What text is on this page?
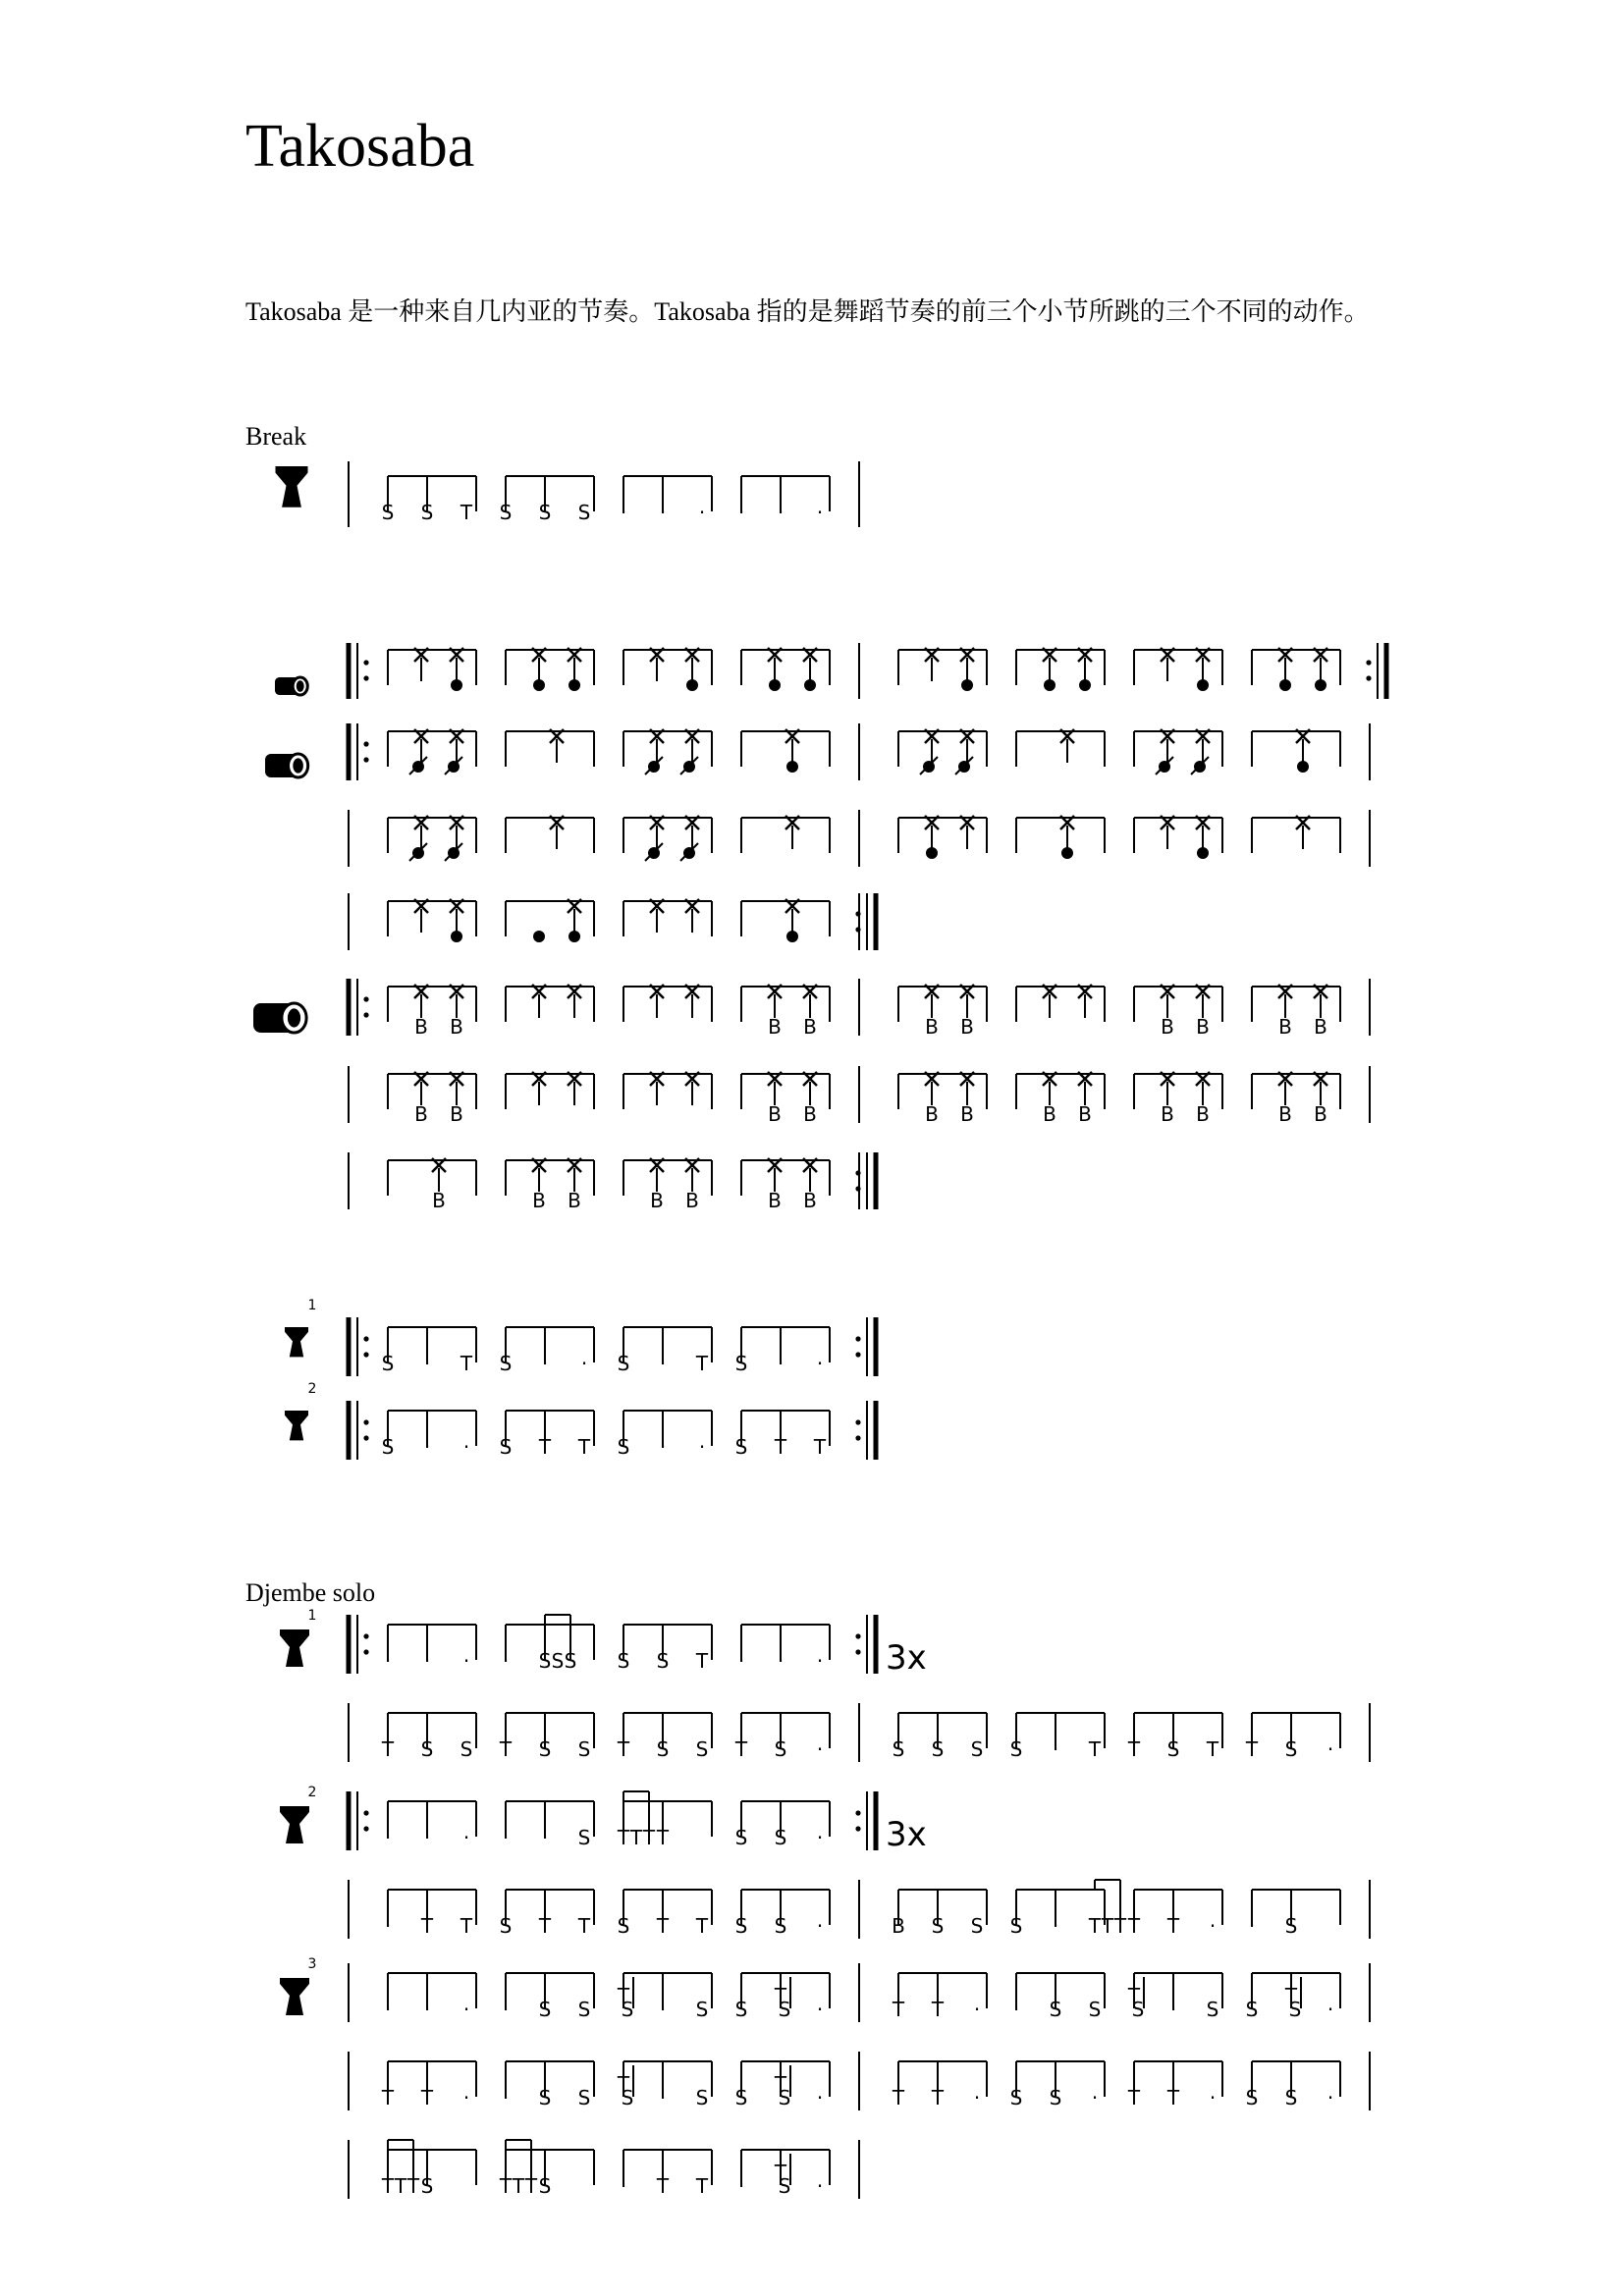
Takosaba
Takosaba 是一种来自几内亚的节奏。Takosaba 指的是舞蹈节奏的前三个小节所跳的三个不同的动作。
Break
Djembe solo
S S T S S S · · · · · ·
B B	B B	B B	B B	B B
B B	B B	B B	B B	B B	B B
B	B B	B B	B B
1
S · T S · · S · T S · ·
2
S · · S T T S · · S T T
1
· · · · S S S S S T · · · 3x
T S S T S S T S S T S ·	S S S S · T T S T T S ·
2
· · · · · S T T T T	S S · 3x
· T T S T T S T T S S ·	B S S S · T T T T T · · S
3
· · · · S S
T
S · S S
T
S ·	T T · · S S
T
S · S S
T
S ·
T T · · S S
T
S · S S
T
S ·	T T · S S · T T · S S ·
T T T S	T T T S	· T T ·
T
S ·
